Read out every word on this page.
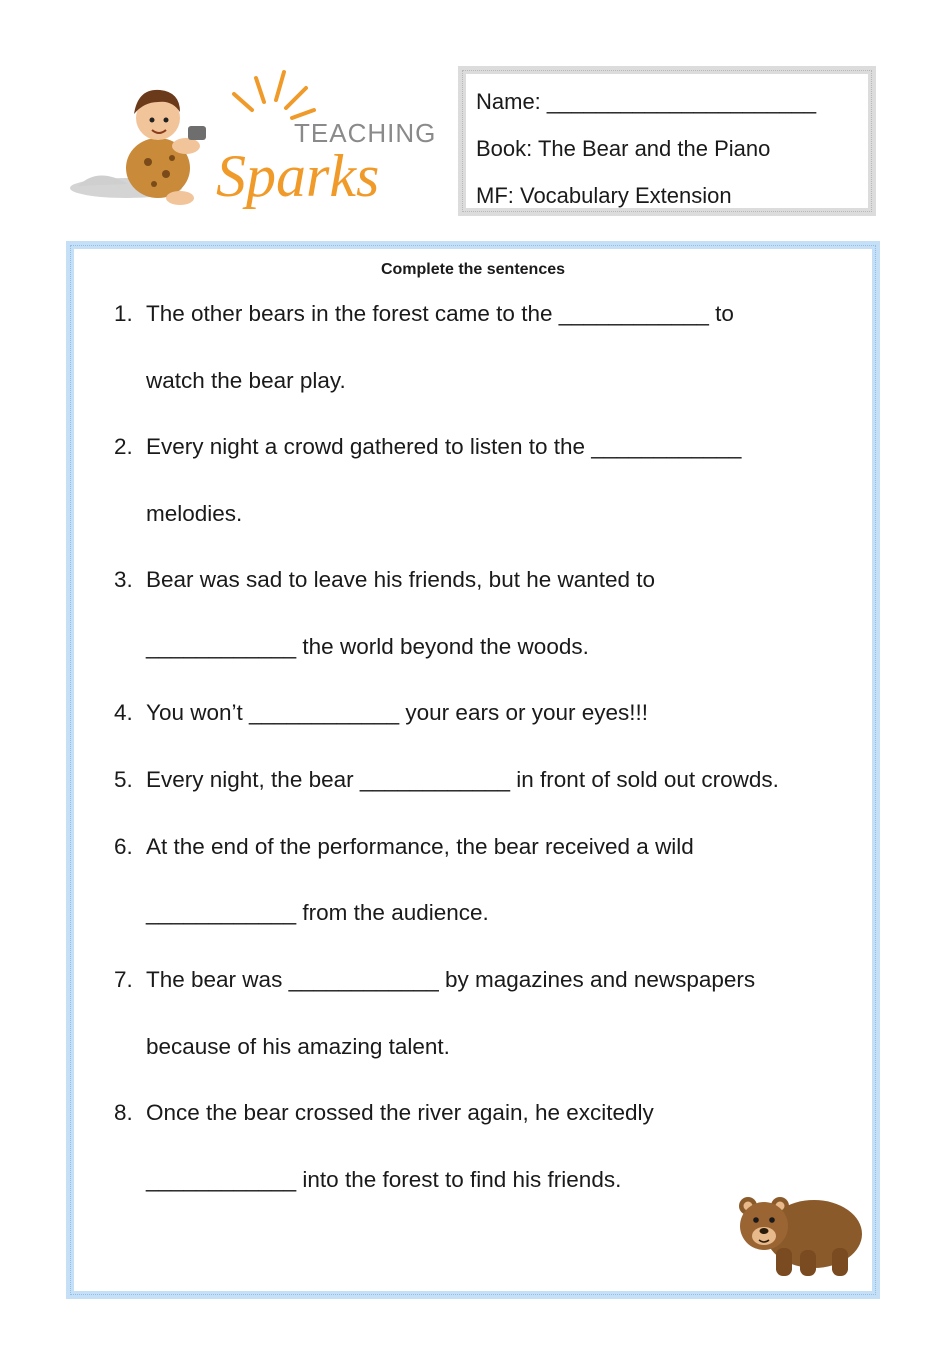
TEACHING
Sparks
Name: ______________________
Book: The Bear and the Piano
MF: Vocabulary Extension
Complete the sentences
1. The other bears in the forest came to the ____________ to
watch the bear play.
2. Every night a crowd gathered to listen to the ____________
melodies.
3. Bear was sad to leave his friends, but he wanted to
____________ the world beyond the woods.
4. You won’t ____________ your ears or your eyes!!!
5. Every night, the bear ____________ in front of sold out crowds.
6. At the end of the performance, the bear received a wild
____________ from the audience.
7. The bear was ____________ by magazines and newspapers
because of his amazing talent.
8. Once the bear crossed the river again, he excitedly
____________ into the forest to find his friends.
